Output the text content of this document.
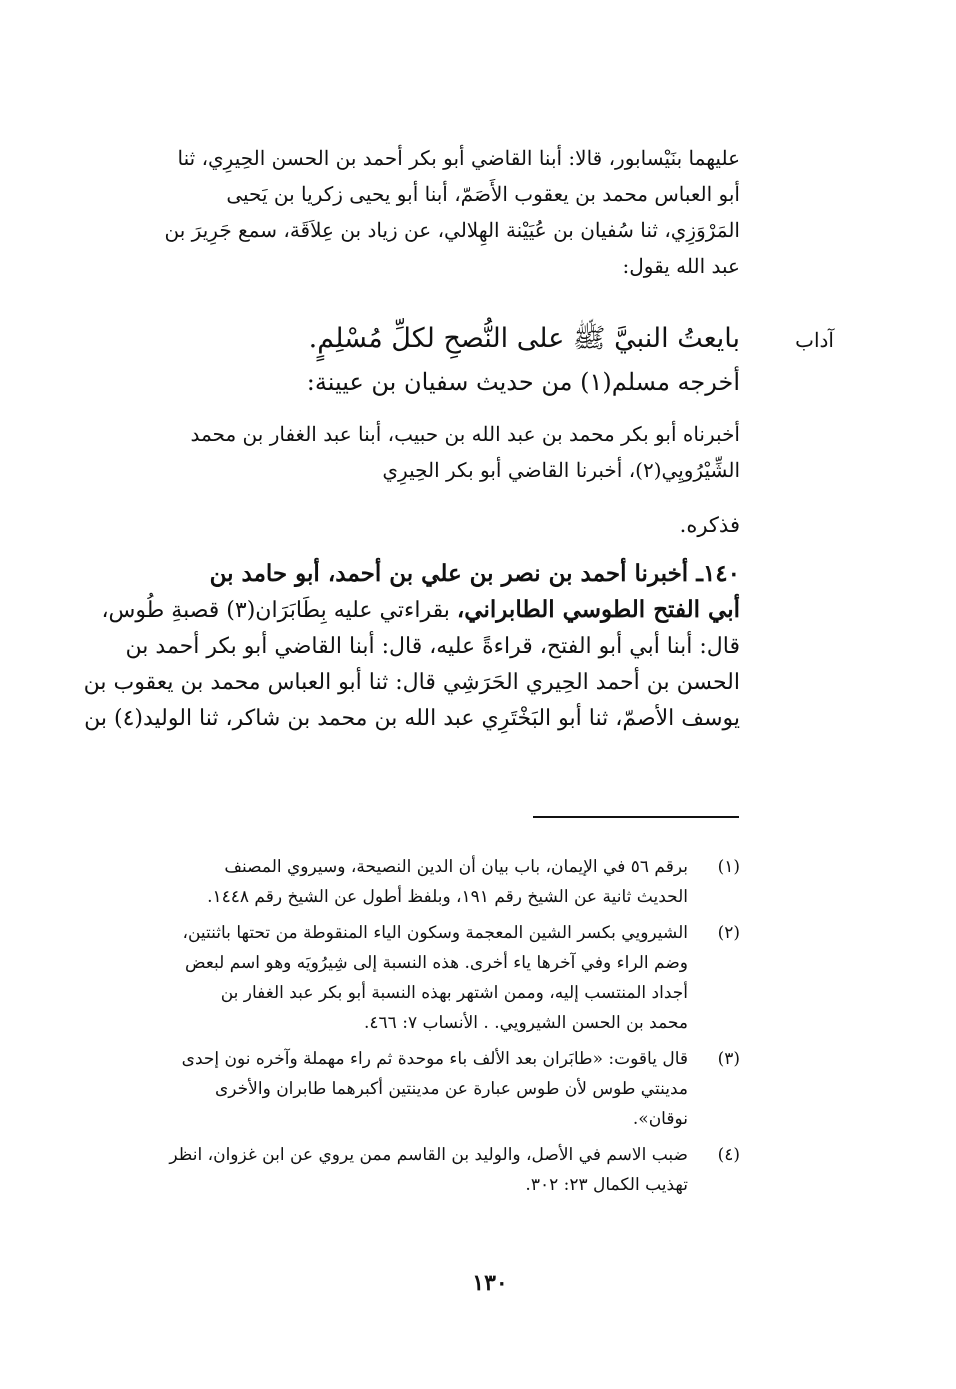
آداب
عليهما بنَيْسابور، قالا: أبنا القاضي أبو بكر أحمد بن الحسن الحِيرِي، ثنا
أبو العباس محمد بن يعقوب الأَصَمّ، أبنا أبو يحيى زكريا بن يَحيى
المَرْوَزِي، ثنا سُفيان بن عُيَيْنة الهِلالي، عن زياد بن عِلاَقَة، سمع جَرِيرَ بن
عبد الله يقول:
بايعتُ النبيَّ ﷺ على النُّصحِ لكلِّ مُسْلِمٍ.
أخرجه مسلم(١) من حديث سفيان بن عيينة:
أخبرناه أبو بكر محمد بن عبد الله بن حبيب، أبنا عبد الغفار بن محمد
الشِّيْرُويِي(٢)، أخبرنا القاضي أبو بكر الحِيرِي
فذكره.
١٤٠ـ أخبرنا أحمد بن نصر بن علي بن أحمد، أبو حامد بن
أبي الفتح الطوسي الطابراني، بقراءتي عليه بِطَابَرَان(٣) قصبةِ طُوس،
قال: أبنا أبي أبو الفتح، قراءةً عليه، قال: أبنا القاضي أبو بكر أحمد بن
الحسن بن أحمد الحِيري الحَرَشِي قال: ثنا أبو العباس محمد بن يعقوب بن
يوسف الأصمّ، ثنا أبو البَخْتَرِي عبد الله بن محمد بن شاكر، ثنا الوليد(٤) بن
(١)
برقم ٥٦ في الإيمان، باب بيان أن الدين النصيحة، وسيروي المصنف
الحديث ثانية عن الشيخ رقم ١٩١، وبلفظ أطول عن الشيخ رقم ١٤٤٨.
(٢)
الشيرويي بكسر الشين المعجمة وسكون الياء المنقوطة من تحتها باثنتين،
وضم الراء وفي آخرها ياء أخرى. هذه النسبة إلى شِيرُويَه وهو اسم لبعض
أجداد المنتسب إليه، وممن اشتهر بهذه النسبة أبو بكر عبد الغفار بن
محمد بن الحسن الشيرويي. . الأنساب ٧: ٤٦٦.
(٣)
قال ياقوت: «طابَران بعد الألف باء موحدة ثم راء مهملة وآخره نون إحدى
مدينتي طوس لأن طوس عبارة عن مدينتين أكبرهما طابران والأخرى
نوقان».
(٤)
ضبب الاسم في الأصل، والوليد بن القاسم ممن يروي عن ابن غزوان، انظر
تهذيب الكمال ٢٣: ٣٠٢.
١٣٠
